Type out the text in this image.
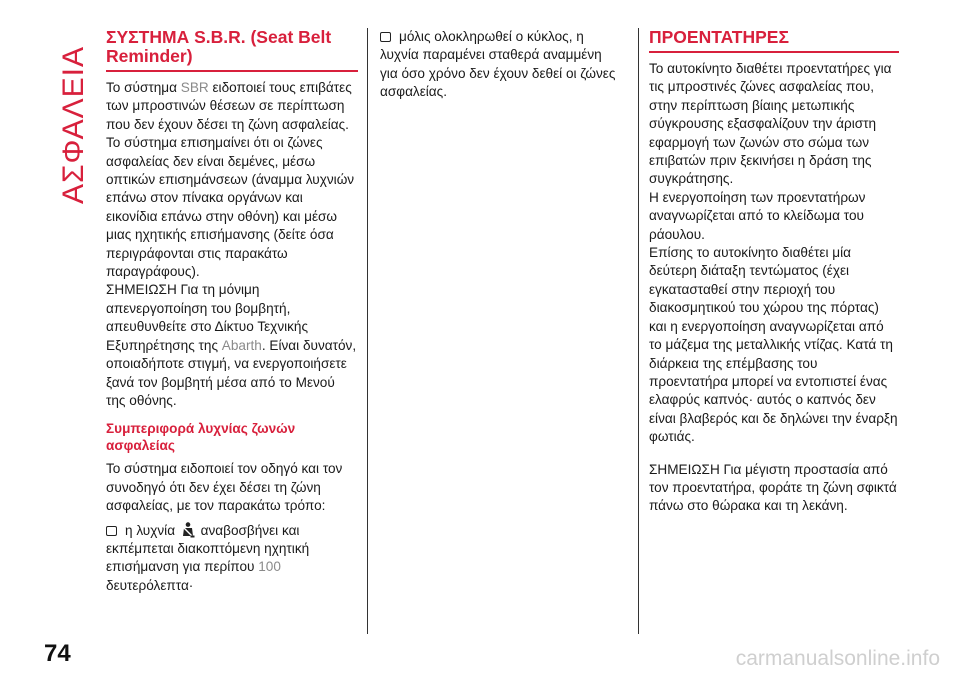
ΑΣΦΑΛΕΙΑ
ΣΥΣΤΗΜΑ S.B.R. (Seat Belt Reminder)

Το σύστημα SBR ειδοποιεί τους επιβάτες των μπροστινών θέσεων σε περίπτωση που δεν έχουν δέσει τη ζώνη ασφαλείας.

Το σύστημα επισημαίνει ότι οι ζώνες ασφαλείας δεν είναι δεμένες, μέσω οπτικών επισημάνσεων (άναμμα λυχνιών επάνω στον πίνακα οργάνων και εικονίδια επάνω στην οθόνη) και μέσω μιας ηχητικής επισήμανσης (δείτε όσα περιγράφονται στις παρακάτω παραγράφους).

ΣΗΜΕΙΩΣΗ Για τη μόνιμη απενεργοποίηση του βομβητή, απευθυνθείτε στο Δίκτυο Τεχνικής Εξυπηρέτησης της Abarth. Είναι δυνατόν, οποιαδήποτε στιγμή, να ενεργοποιήσετε ξανά τον βομβητή μέσα από το Μενού της οθόνης.

Συμπεριφορά λυχνίας ζωνών ασφαλείας

Το σύστημα ειδοποιεί τον οδηγό και τον συνοδηγό ότι δεν έχει δέσει τη ζώνη ασφαλείας, με τον παρακάτω τρόπο:

η λυχνία αναβοσβήνει και εκπέμπεται διακοπτόμενη ηχητική επισήμανση για περίπου 100 δευτερόλεπτα·

μόλις ολοκληρωθεί ο κύκλος, η λυχνία παραμένει σταθερά αναμμένη για όσο χρόνο δεν έχουν δεθεί οι ζώνες ασφαλείας.

ΠΡΟΕΝΤΑΤΗΡΕΣ

Το αυτοκίνητο διαθέτει προεντατήρες για τις μπροστινές ζώνες ασφαλείας που, στην περίπτωση βίαιης μετωπικής σύγκρουσης εξασφαλίζουν την άριστη εφαρμογή των ζωνών στο σώμα των επιβατών πριν ξεκινήσει η δράση της συγκράτησης.

Η ενεργοποίηση των προεντατήρων αναγνωρίζεται από το κλείδωμα του ράουλου.

Επίσης το αυτοκίνητο διαθέτει μία δεύτερη διάταξη τεντώματος (έχει εγκατασταθεί στην περιοχή του διακοσμητικού του χώρου της πόρτας) και η ενεργοποίηση αναγνωρίζεται από το μάζεμα της μεταλλικής ντίζας. Κατά τη διάρκεια της επέμβασης του προεντατήρα μπορεί να εντοπιστεί ένας ελαφρύς καπνός· αυτός ο καπνός δεν είναι βλαβερός και δε δηλώνει την έναρξη φωτιάς.

ΣΗΜΕΙΩΣΗ Για μέγιστη προστασία από τον προεντατήρα, φοράτε τη ζώνη σφικτά πάνω στο θώρακα και τη λεκάνη.

74	carmanualsonline.info
